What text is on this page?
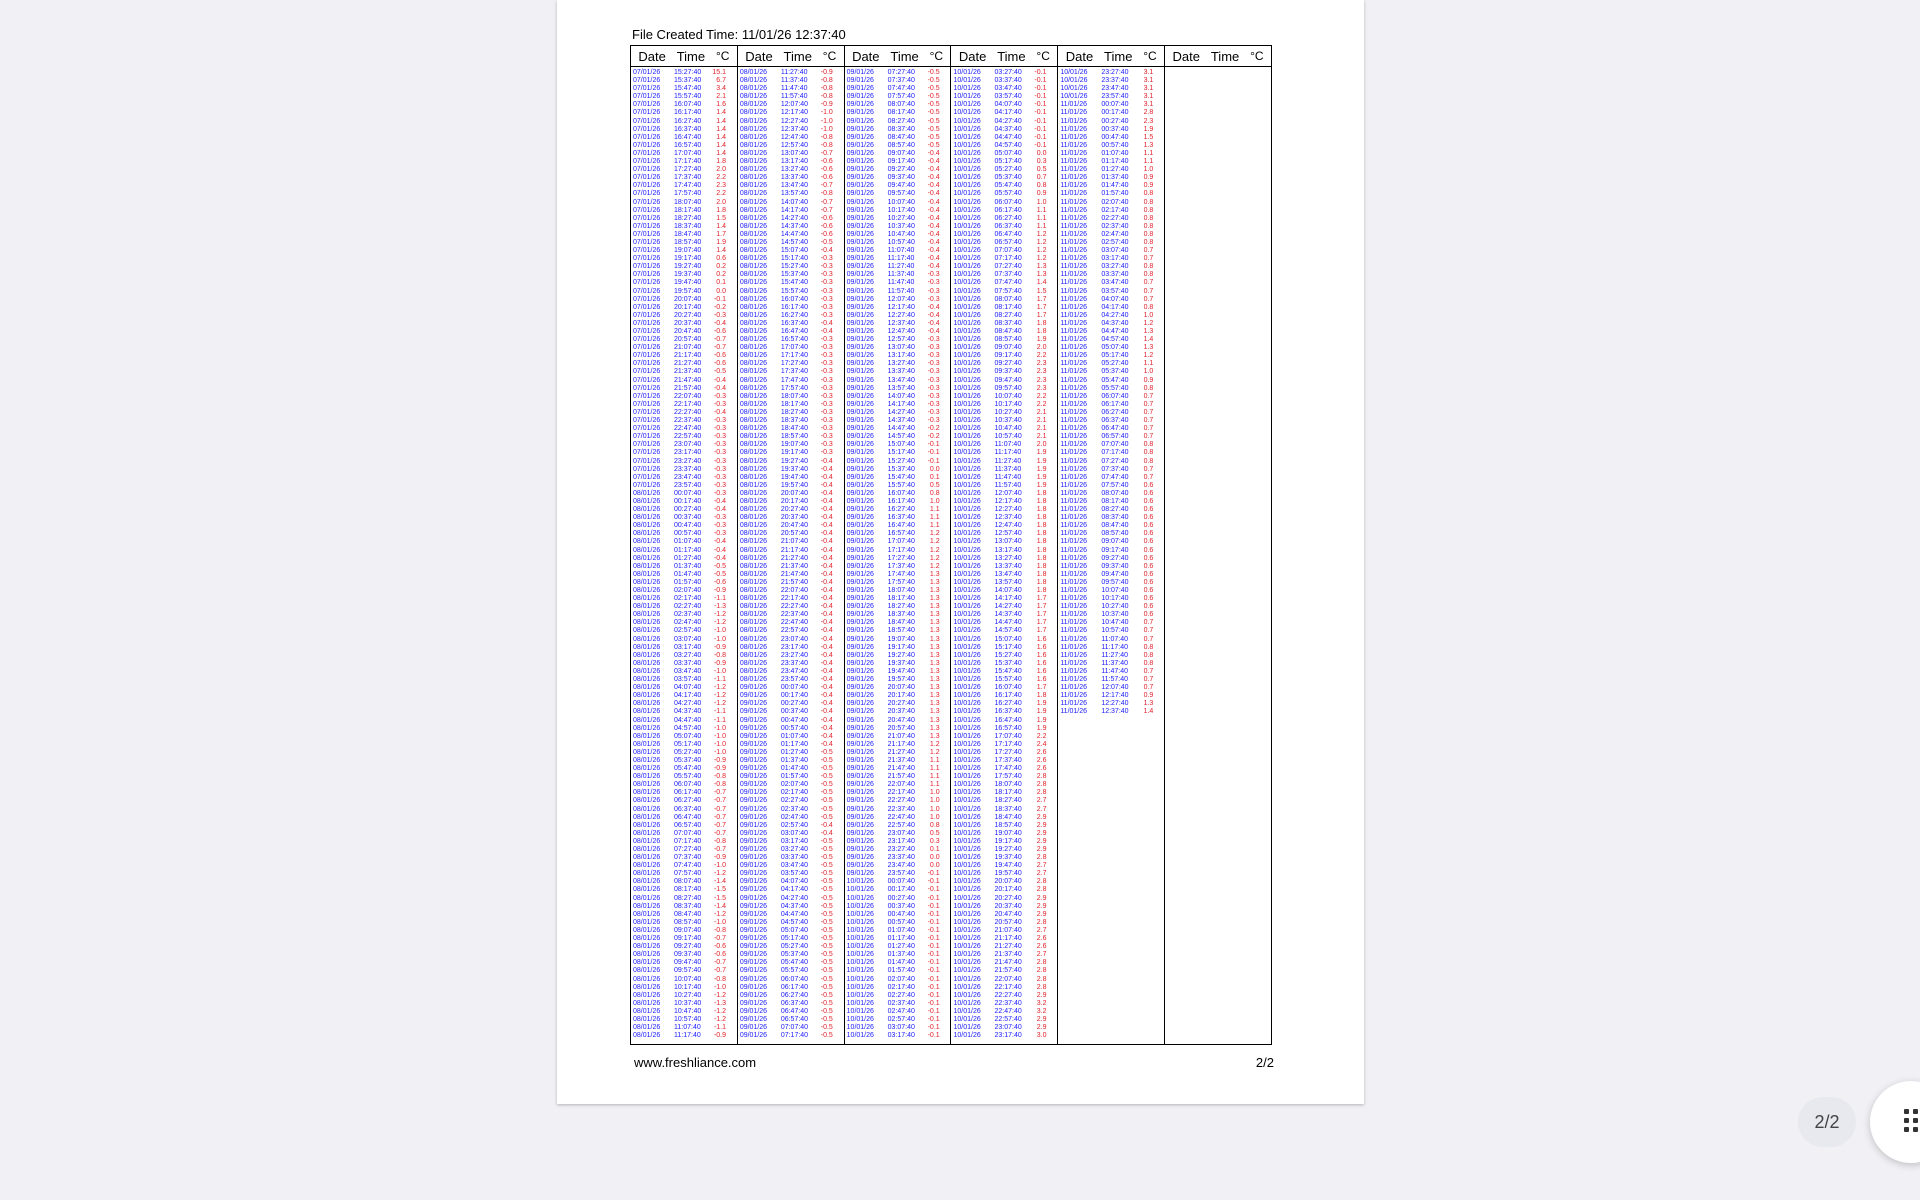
File Created Time: 11/01/26 12:37:40
Date Time °C
07/01/26	15:27:40	15.1
07/01/26	15:37:40	6.7
07/01/26	15:47:40	3.4
07/01/26	15:57:40	2.1
07/01/26	16:07:40	1.6
07/01/26	16:17:40	1.4
07/01/26	16:27:40	1.4
07/01/26	16:37:40	1.4
07/01/26	16:47:40	1.4
07/01/26	16:57:40	1.4
07/01/26	17:07:40	1.4
07/01/26	17:17:40	1.8
07/01/26	17:27:40	2.0
07/01/26	17:37:40	2.2
07/01/26	17:47:40	2.3
07/01/26	17:57:40	2.2
07/01/26	18:07:40	2.0
07/01/26	18:17:40	1.8
07/01/26	18:27:40	1.5
07/01/26	18:37:40	1.4
07/01/26	18:47:40	1.7
07/01/26	18:57:40	1.9
07/01/26	19:07:40	1.4
07/01/26	19:17:40	0.6
07/01/26	19:27:40	0.2
07/01/26	19:37:40	0.2
07/01/26	19:47:40	0.1
07/01/26	19:57:40	0.0
07/01/26	20:07:40	-0.1
07/01/26	20:17:40	-0.2
07/01/26	20:27:40	-0.3
07/01/26	20:37:40	-0.4
07/01/26	20:47:40	-0.6
07/01/26	20:57:40	-0.7
07/01/26	21:07:40	-0.7
07/01/26	21:17:40	-0.6
07/01/26	21:27:40	-0.6
07/01/26	21:37:40	-0.5
07/01/26	21:47:40	-0.4
07/01/26	21:57:40	-0.4
07/01/26	22:07:40	-0.3
07/01/26	22:17:40	-0.3
07/01/26	22:27:40	-0.4
07/01/26	22:37:40	-0.3
07/01/26	22:47:40	-0.3
07/01/26	22:57:40	-0.3
07/01/26	23:07:40	-0.3
07/01/26	23:17:40	-0.3
07/01/26	23:27:40	-0.3
07/01/26	23:37:40	-0.3
07/01/26	23:47:40	-0.3
07/01/26	23:57:40	-0.3
08/01/26	00:07:40	-0.3
08/01/26	00:17:40	-0.4
08/01/26	00:27:40	-0.4
08/01/26	00:37:40	-0.3
08/01/26	00:47:40	-0.3
08/01/26	00:57:40	-0.3
08/01/26	01:07:40	-0.4
08/01/26	01:17:40	-0.4
08/01/26	01:27:40	-0.4
08/01/26	01:37:40	-0.5
08/01/26	01:47:40	-0.5
08/01/26	01:57:40	-0.6
08/01/26	02:07:40	-0.9
08/01/26	02:17:40	-1.1
08/01/26	02:27:40	-1.3
08/01/26	02:37:40	-1.2
08/01/26	02:47:40	-1.2
08/01/26	02:57:40	-1.0
08/01/26	03:07:40	-1.0
08/01/26	03:17:40	-0.9
08/01/26	03:27:40	-0.8
08/01/26	03:37:40	-0.9
08/01/26	03:47:40	-1.0
08/01/26	03:57:40	-1.1
08/01/26	04:07:40	-1.2
08/01/26	04:17:40	-1.2
08/01/26	04:27:40	-1.2
08/01/26	04:37:40	-1.1
08/01/26	04:47:40	-1.1
08/01/26	04:57:40	-1.0
08/01/26	05:07:40	-1.0
08/01/26	05:17:40	-1.0
08/01/26	05:27:40	-1.0
08/01/26	05:37:40	-0.9
08/01/26	05:47:40	-0.9
08/01/26	05:57:40	-0.8
08/01/26	06:07:40	-0.8
08/01/26	06:17:40	-0.7
08/01/26	06:27:40	-0.7
08/01/26	06:37:40	-0.7
08/01/26	06:47:40	-0.7
08/01/26	06:57:40	-0.7
08/01/26	07:07:40	-0.7
08/01/26	07:17:40	-0.8
08/01/26	07:27:40	-0.7
08/01/26	07:37:40	-0.9
08/01/26	07:47:40	-1.0
08/01/26	07:57:40	-1.2
08/01/26	08:07:40	-1.4
08/01/26	08:17:40	-1.5
08/01/26	08:27:40	-1.5
08/01/26	08:37:40	-1.4
08/01/26	08:47:40	-1.2
08/01/26	08:57:40	-1.0
08/01/26	09:07:40	-0.8
08/01/26	09:17:40	-0.7
08/01/26	09:27:40	-0.6
08/01/26	09:37:40	-0.6
08/01/26	09:47:40	-0.7
08/01/26	09:57:40	-0.7
08/01/26	10:07:40	-0.8
08/01/26	10:17:40	-1.0
08/01/26	10:27:40	-1.2
08/01/26	10:37:40	-1.3
08/01/26	10:47:40	-1.2
08/01/26	10:57:40	-1.2
08/01/26	11:07:40	-1.1
08/01/26	11:17:40	-0.9
Date Time °C
08/01/26	11:27:40	-0.9
08/01/26	11:37:40	-0.8
08/01/26	11:47:40	-0.8
08/01/26	11:57:40	-0.8
08/01/26	12:07:40	-0.9
08/01/26	12:17:40	-1.0
08/01/26	12:27:40	-1.0
08/01/26	12:37:40	-1.0
08/01/26	12:47:40	-0.8
08/01/26	12:57:40	-0.8
08/01/26	13:07:40	-0.7
08/01/26	13:17:40	-0.6
08/01/26	13:27:40	-0.6
08/01/26	13:37:40	-0.6
08/01/26	13:47:40	-0.7
08/01/26	13:57:40	-0.8
08/01/26	14:07:40	-0.7
08/01/26	14:17:40	-0.7
08/01/26	14:27:40	-0.6
08/01/26	14:37:40	-0.6
08/01/26	14:47:40	-0.6
08/01/26	14:57:40	-0.5
08/01/26	15:07:40	-0.4
08/01/26	15:17:40	-0.3
08/01/26	15:27:40	-0.3
08/01/26	15:37:40	-0.3
08/01/26	15:47:40	-0.3
08/01/26	15:57:40	-0.3
08/01/26	16:07:40	-0.3
08/01/26	16:17:40	-0.3
08/01/26	16:27:40	-0.3
08/01/26	16:37:40	-0.4
08/01/26	16:47:40	-0.4
08/01/26	16:57:40	-0.3
08/01/26	17:07:40	-0.3
08/01/26	17:17:40	-0.3
08/01/26	17:27:40	-0.3
08/01/26	17:37:40	-0.3
08/01/26	17:47:40	-0.3
08/01/26	17:57:40	-0.3
08/01/26	18:07:40	-0.3
08/01/26	18:17:40	-0.3
08/01/26	18:27:40	-0.3
08/01/26	18:37:40	-0.3
08/01/26	18:47:40	-0.3
08/01/26	18:57:40	-0.3
08/01/26	19:07:40	-0.3
08/01/26	19:17:40	-0.3
08/01/26	19:27:40	-0.4
08/01/26	19:37:40	-0.4
08/01/26	19:47:40	-0.4
08/01/26	19:57:40	-0.4
08/01/26	20:07:40	-0.4
08/01/26	20:17:40	-0.4
08/01/26	20:27:40	-0.4
08/01/26	20:37:40	-0.4
08/01/26	20:47:40	-0.4
08/01/26	20:57:40	-0.4
08/01/26	21:07:40	-0.4
08/01/26	21:17:40	-0.4
08/01/26	21:27:40	-0.4
08/01/26	21:37:40	-0.4
08/01/26	21:47:40	-0.4
08/01/26	21:57:40	-0.4
08/01/26	22:07:40	-0.4
08/01/26	22:17:40	-0.4
08/01/26	22:27:40	-0.4
08/01/26	22:37:40	-0.4
08/01/26	22:47:40	-0.4
08/01/26	22:57:40	-0.4
08/01/26	23:07:40	-0.4
08/01/26	23:17:40	-0.4
08/01/26	23:27:40	-0.4
08/01/26	23:37:40	-0.4
08/01/26	23:47:40	-0.4
08/01/26	23:57:40	-0.4
09/01/26	00:07:40	-0.4
09/01/26	00:17:40	-0.4
09/01/26	00:27:40	-0.4
09/01/26	00:37:40	-0.4
09/01/26	00:47:40	-0.4
09/01/26	00:57:40	-0.4
09/01/26	01:07:40	-0.4
09/01/26	01:17:40	-0.4
09/01/26	01:27:40	-0.5
09/01/26	01:37:40	-0.5
09/01/26	01:47:40	-0.5
09/01/26	01:57:40	-0.5
09/01/26	02:07:40	-0.5
09/01/26	02:17:40	-0.5
09/01/26	02:27:40	-0.5
09/01/26	02:37:40	-0.5
09/01/26	02:47:40	-0.5
09/01/26	02:57:40	-0.4
09/01/26	03:07:40	-0.4
09/01/26	03:17:40	-0.5
09/01/26	03:27:40	-0.5
09/01/26	03:37:40	-0.5
09/01/26	03:47:40	-0.5
09/01/26	03:57:40	-0.5
09/01/26	04:07:40	-0.5
09/01/26	04:17:40	-0.5
09/01/26	04:27:40	-0.5
09/01/26	04:37:40	-0.5
09/01/26	04:47:40	-0.5
09/01/26	04:57:40	-0.5
09/01/26	05:07:40	-0.5
09/01/26	05:17:40	-0.5
09/01/26	05:27:40	-0.5
09/01/26	05:37:40	-0.5
09/01/26	05:47:40	-0.5
09/01/26	05:57:40	-0.5
09/01/26	06:07:40	-0.5
09/01/26	06:17:40	-0.5
09/01/26	06:27:40	-0.5
09/01/26	06:37:40	-0.5
09/01/26	06:47:40	-0.5
09/01/26	06:57:40	-0.5
09/01/26	07:07:40	-0.5
09/01/26	07:17:40	-0.5
Date Time °C
09/01/26	07:27:40	-0.5
09/01/26	07:37:40	-0.5
09/01/26	07:47:40	-0.5
09/01/26	07:57:40	-0.5
09/01/26	08:07:40	-0.5
09/01/26	08:17:40	-0.5
09/01/26	08:27:40	-0.5
09/01/26	08:37:40	-0.5
09/01/26	08:47:40	-0.5
09/01/26	08:57:40	-0.5
09/01/26	09:07:40	-0.4
09/01/26	09:17:40	-0.4
09/01/26	09:27:40	-0.4
09/01/26	09:37:40	-0.4
09/01/26	09:47:40	-0.4
09/01/26	09:57:40	-0.4
09/01/26	10:07:40	-0.4
09/01/26	10:17:40	-0.4
09/01/26	10:27:40	-0.4
09/01/26	10:37:40	-0.4
09/01/26	10:47:40	-0.4
09/01/26	10:57:40	-0.4
09/01/26	11:07:40	-0.4
09/01/26	11:17:40	-0.4
09/01/26	11:27:40	-0.4
09/01/26	11:37:40	-0.3
09/01/26	11:47:40	-0.3
09/01/26	11:57:40	-0.3
09/01/26	12:07:40	-0.3
09/01/26	12:17:40	-0.4
09/01/26	12:27:40	-0.4
09/01/26	12:37:40	-0.4
09/01/26	12:47:40	-0.4
09/01/26	12:57:40	-0.3
09/01/26	13:07:40	-0.3
09/01/26	13:17:40	-0.3
09/01/26	13:27:40	-0.3
09/01/26	13:37:40	-0.3
09/01/26	13:47:40	-0.3
09/01/26	13:57:40	-0.3
09/01/26	14:07:40	-0.3
09/01/26	14:17:40	-0.3
09/01/26	14:27:40	-0.3
09/01/26	14:37:40	-0.3
09/01/26	14:47:40	-0.2
09/01/26	14:57:40	-0.2
09/01/26	15:07:40	-0.1
09/01/26	15:17:40	-0.1
09/01/26	15:27:40	-0.1
09/01/26	15:37:40	0.0
09/01/26	15:47:40	0.1
09/01/26	15:57:40	0.5
09/01/26	16:07:40	0.8
09/01/26	16:17:40	1.0
09/01/26	16:27:40	1.1
09/01/26	16:37:40	1.1
09/01/26	16:47:40	1.1
09/01/26	16:57:40	1.2
09/01/26	17:07:40	1.2
09/01/26	17:17:40	1.2
09/01/26	17:27:40	1.2
09/01/26	17:37:40	1.2
09/01/26	17:47:40	1.3
09/01/26	17:57:40	1.3
09/01/26	18:07:40	1.3
09/01/26	18:17:40	1.3
09/01/26	18:27:40	1.3
09/01/26	18:37:40	1.3
09/01/26	18:47:40	1.3
09/01/26	18:57:40	1.3
09/01/26	19:07:40	1.3
09/01/26	19:17:40	1.3
09/01/26	19:27:40	1.3
09/01/26	19:37:40	1.3
09/01/26	19:47:40	1.3
09/01/26	19:57:40	1.3
09/01/26	20:07:40	1.3
09/01/26	20:17:40	1.3
09/01/26	20:27:40	1.3
09/01/26	20:37:40	1.3
09/01/26	20:47:40	1.3
09/01/26	20:57:40	1.3
09/01/26	21:07:40	1.3
09/01/26	21:17:40	1.2
09/01/26	21:27:40	1.2
09/01/26	21:37:40	1.1
09/01/26	21:47:40	1.1
09/01/26	21:57:40	1.1
09/01/26	22:07:40	1.1
09/01/26	22:17:40	1.0
09/01/26	22:27:40	1.0
09/01/26	22:37:40	1.0
09/01/26	22:47:40	1.0
09/01/26	22:57:40	0.8
09/01/26	23:07:40	0.5
09/01/26	23:17:40	0.3
09/01/26	23:27:40	0.1
09/01/26	23:37:40	0.0
09/01/26	23:47:40	0.0
09/01/26	23:57:40	-0.1
10/01/26	00:07:40	-0.1
10/01/26	00:17:40	-0.1
10/01/26	00:27:40	-0.1
10/01/26	00:37:40	-0.1
10/01/26	00:47:40	-0.1
10/01/26	00:57:40	-0.1
10/01/26	01:07:40	-0.1
10/01/26	01:17:40	-0.1
10/01/26	01:27:40	-0.1
10/01/26	01:37:40	-0.1
10/01/26	01:47:40	-0.1
10/01/26	01:57:40	-0.1
10/01/26	02:07:40	-0.1
10/01/26	02:17:40	-0.1
10/01/26	02:27:40	-0.1
10/01/26	02:37:40	-0.1
10/01/26	02:47:40	-0.1
10/01/26	02:57:40	-0.1
10/01/26	03:07:40	-0.1
10/01/26	03:17:40	-0.1
Date Time °C
10/01/26	03:27:40	-0.1
10/01/26	03:37:40	-0.1
10/01/26	03:47:40	-0.1
10/01/26	03:57:40	-0.1
10/01/26	04:07:40	-0.1
10/01/26	04:17:40	-0.1
10/01/26	04:27:40	-0.1
10/01/26	04:37:40	-0.1
10/01/26	04:47:40	-0.1
10/01/26	04:57:40	-0.1
10/01/26	05:07:40	0.0
10/01/26	05:17:40	0.3
10/01/26	05:27:40	0.5
10/01/26	05:37:40	0.7
10/01/26	05:47:40	0.8
10/01/26	05:57:40	0.9
10/01/26	06:07:40	1.0
10/01/26	06:17:40	1.1
10/01/26	06:27:40	1.1
10/01/26	06:37:40	1.1
10/01/26	06:47:40	1.2
10/01/26	06:57:40	1.2
10/01/26	07:07:40	1.2
10/01/26	07:17:40	1.2
10/01/26	07:27:40	1.3
10/01/26	07:37:40	1.3
10/01/26	07:47:40	1.4
10/01/26	07:57:40	1.5
10/01/26	08:07:40	1.7
10/01/26	08:17:40	1.7
10/01/26	08:27:40	1.7
10/01/26	08:37:40	1.8
10/01/26	08:47:40	1.8
10/01/26	08:57:40	1.9
10/01/26	09:07:40	2.0
10/01/26	09:17:40	2.2
10/01/26	09:27:40	2.3
10/01/26	09:37:40	2.3
10/01/26	09:47:40	2.3
10/01/26	09:57:40	2.3
10/01/26	10:07:40	2.2
10/01/26	10:17:40	2.2
10/01/26	10:27:40	2.1
10/01/26	10:37:40	2.1
10/01/26	10:47:40	2.1
10/01/26	10:57:40	2.1
10/01/26	11:07:40	2.0
10/01/26	11:17:40	1.9
10/01/26	11:27:40	1.9
10/01/26	11:37:40	1.9
10/01/26	11:47:40	1.9
10/01/26	11:57:40	1.9
10/01/26	12:07:40	1.8
10/01/26	12:17:40	1.8
10/01/26	12:27:40	1.8
10/01/26	12:37:40	1.8
10/01/26	12:47:40	1.8
10/01/26	12:57:40	1.8
10/01/26	13:07:40	1.8
10/01/26	13:17:40	1.8
10/01/26	13:27:40	1.8
10/01/26	13:37:40	1.8
10/01/26	13:47:40	1.8
10/01/26	13:57:40	1.8
10/01/26	14:07:40	1.8
10/01/26	14:17:40	1.7
10/01/26	14:27:40	1.7
10/01/26	14:37:40	1.7
10/01/26	14:47:40	1.7
10/01/26	14:57:40	1.7
10/01/26	15:07:40	1.6
10/01/26	15:17:40	1.6
10/01/26	15:27:40	1.6
10/01/26	15:37:40	1.6
10/01/26	15:47:40	1.6
10/01/26	15:57:40	1.6
10/01/26	16:07:40	1.7
10/01/26	16:17:40	1.8
10/01/26	16:27:40	1.9
10/01/26	16:37:40	1.9
10/01/26	16:47:40	1.9
10/01/26	16:57:40	1.9
10/01/26	17:07:40	2.2
10/01/26	17:17:40	2.4
10/01/26	17:27:40	2.6
10/01/26	17:37:40	2.6
10/01/26	17:47:40	2.6
10/01/26	17:57:40	2.8
10/01/26	18:07:40	2.8
10/01/26	18:17:40	2.8
10/01/26	18:27:40	2.7
10/01/26	18:37:40	2.7
10/01/26	18:47:40	2.9
10/01/26	18:57:40	2.9
10/01/26	19:07:40	2.9
10/01/26	19:17:40	2.9
10/01/26	19:27:40	2.9
10/01/26	19:37:40	2.8
10/01/26	19:47:40	2.7
10/01/26	19:57:40	2.7
10/01/26	20:07:40	2.8
10/01/26	20:17:40	2.8
10/01/26	20:27:40	2.9
10/01/26	20:37:40	2.9
10/01/26	20:47:40	2.9
10/01/26	20:57:40	2.8
10/01/26	21:07:40	2.7
10/01/26	21:17:40	2.6
10/01/26	21:27:40	2.6
10/01/26	21:37:40	2.7
10/01/26	21:47:40	2.8
10/01/26	21:57:40	2.8
10/01/26	22:07:40	2.8
10/01/26	22:17:40	2.8
10/01/26	22:27:40	2.9
10/01/26	22:37:40	3.2
10/01/26	22:47:40	3.2
10/01/26	22:57:40	2.9
10/01/26	23:07:40	2.9
10/01/26	23:17:40	3.0
Date Time °C
10/01/26	23:27:40	3.1
10/01/26	23:37:40	3.1
10/01/26	23:47:40	3.1
10/01/26	23:57:40	3.1
11/01/26	00:07:40	3.1
11/01/26	00:17:40	2.8
11/01/26	00:27:40	2.3
11/01/26	00:37:40	1.9
11/01/26	00:47:40	1.5
11/01/26	00:57:40	1.3
11/01/26	01:07:40	1.1
11/01/26	01:17:40	1.1
11/01/26	01:27:40	1.0
11/01/26	01:37:40	0.9
11/01/26	01:47:40	0.9
11/01/26	01:57:40	0.8
11/01/26	02:07:40	0.8
11/01/26	02:17:40	0.8
11/01/26	02:27:40	0.8
11/01/26	02:37:40	0.8
11/01/26	02:47:40	0.8
11/01/26	02:57:40	0.8
11/01/26	03:07:40	0.7
11/01/26	03:17:40	0.7
11/01/26	03:27:40	0.8
11/01/26	03:37:40	0.8
11/01/26	03:47:40	0.7
11/01/26	03:57:40	0.7
11/01/26	04:07:40	0.7
11/01/26	04:17:40	0.8
11/01/26	04:27:40	1.0
11/01/26	04:37:40	1.2
11/01/26	04:47:40	1.3
11/01/26	04:57:40	1.4
11/01/26	05:07:40	1.3
11/01/26	05:17:40	1.2
11/01/26	05:27:40	1.1
11/01/26	05:37:40	1.0
11/01/26	05:47:40	0.9
11/01/26	05:57:40	0.8
11/01/26	06:07:40	0.7
11/01/26	06:17:40	0.7
11/01/26	06:27:40	0.7
11/01/26	06:37:40	0.7
11/01/26	06:47:40	0.7
11/01/26	06:57:40	0.7
11/01/26	07:07:40	0.8
11/01/26	07:17:40	0.8
11/01/26	07:27:40	0.8
11/01/26	07:37:40	0.7
11/01/26	07:47:40	0.7
11/01/26	07:57:40	0.6
11/01/26	08:07:40	0.6
11/01/26	08:17:40	0.6
11/01/26	08:27:40	0.6
11/01/26	08:37:40	0.6
11/01/26	08:47:40	0.6
11/01/26	08:57:40	0.6
11/01/26	09:07:40	0.6
11/01/26	09:17:40	0.6
11/01/26	09:27:40	0.6
11/01/26	09:37:40	0.6
11/01/26	09:47:40	0.6
11/01/26	09:57:40	0.6
11/01/26	10:07:40	0.6
11/01/26	10:17:40	0.6
11/01/26	10:27:40	0.6
11/01/26	10:37:40	0.6
11/01/26	10:47:40	0.7
11/01/26	10:57:40	0.7
11/01/26	11:07:40	0.7
11/01/26	11:17:40	0.8
11/01/26	11:27:40	0.8
11/01/26	11:37:40	0.8
11/01/26	11:47:40	0.7
11/01/26	11:57:40	0.7
11/01/26	12:07:40	0.7
11/01/26	12:17:40	0.9
11/01/26	12:27:40	1.3
11/01/26	12:37:40	1.4
Date Time °C
www.freshliance.com	2/2
2/2
